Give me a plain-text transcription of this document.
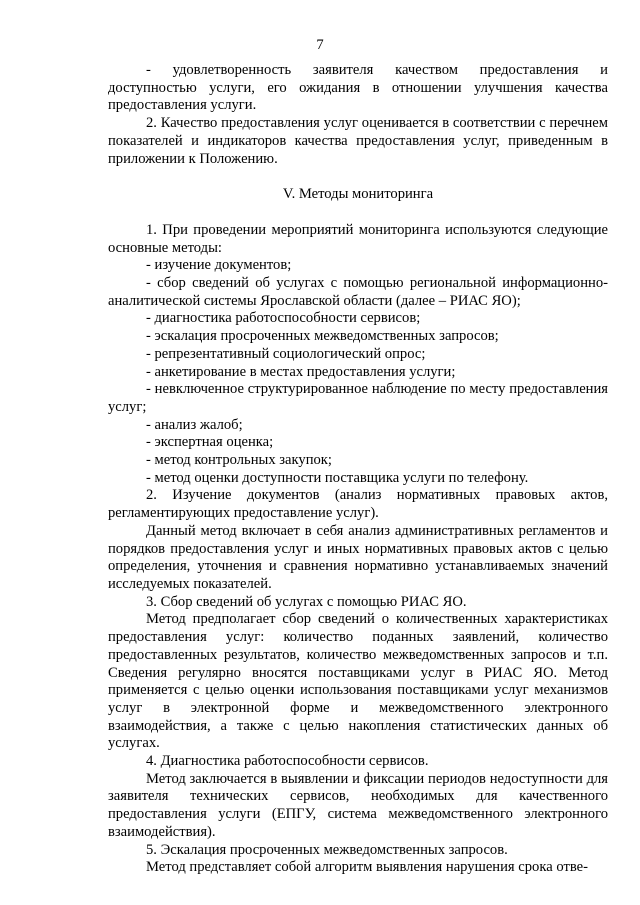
7

- удовлетворенность заявителя качеством предоставления и доступностью услуги, его ожидания в отношении улучшения качества предоставления услуги.

2. Качество предоставления услуг оценивается в соответствии с перечнем показателей и индикаторов качества предоставления услуг, приведенным в приложении к Положению.

V. Методы мониторинга

1. При проведении мероприятий мониторинга используются следующие основные методы:

- изучение документов;

- сбор сведений об услугах с помощью региональной информационно-аналитической системы Ярославской области (далее – РИАС ЯО);

- диагностика работоспособности сервисов;

- эскалация просроченных межведомственных запросов;

- репрезентативный социологический опрос;

- анкетирование в местах предоставления услуги;

- невключенное структурированное наблюдение по месту предоставления услуг;

- анализ жалоб;

- экспертная оценка;

- метод контрольных закупок;

- метод оценки доступности поставщика услуги по телефону.

2. Изучение документов (анализ нормативных правовых актов, регламентирующих предоставление услуг).

Данный метод включает в себя анализ административных регламентов и порядков предоставления услуг и иных нормативных правовых актов с целью определения, уточнения и сравнения нормативно устанавливаемых значений исследуемых показателей.

3. Сбор сведений об услугах с помощью РИАС ЯО.

Метод предполагает сбор сведений о количественных характеристиках предоставления услуг: количество поданных заявлений, количество предоставленных результатов, количество межведомственных запросов и т.п. Сведения регулярно вносятся поставщиками услуг в РИАС ЯО. Метод применяется с целью оценки использования поставщиками услуг механизмов услуг в электронной форме и межведомственного электронного взаимодействия, а также с целью накопления статистических данных об услугах.

4. Диагностика работоспособности сервисов.

Метод заключается в выявлении и фиксации периодов недоступности для заявителя технических сервисов, необходимых для качественного предоставления услуги (ЕПГУ, система межведомственного электронного взаимодействия).

5. Эскалация просроченных межведомственных запросов.

Метод представляет собой алгоритм выявления нарушения срока отве-
